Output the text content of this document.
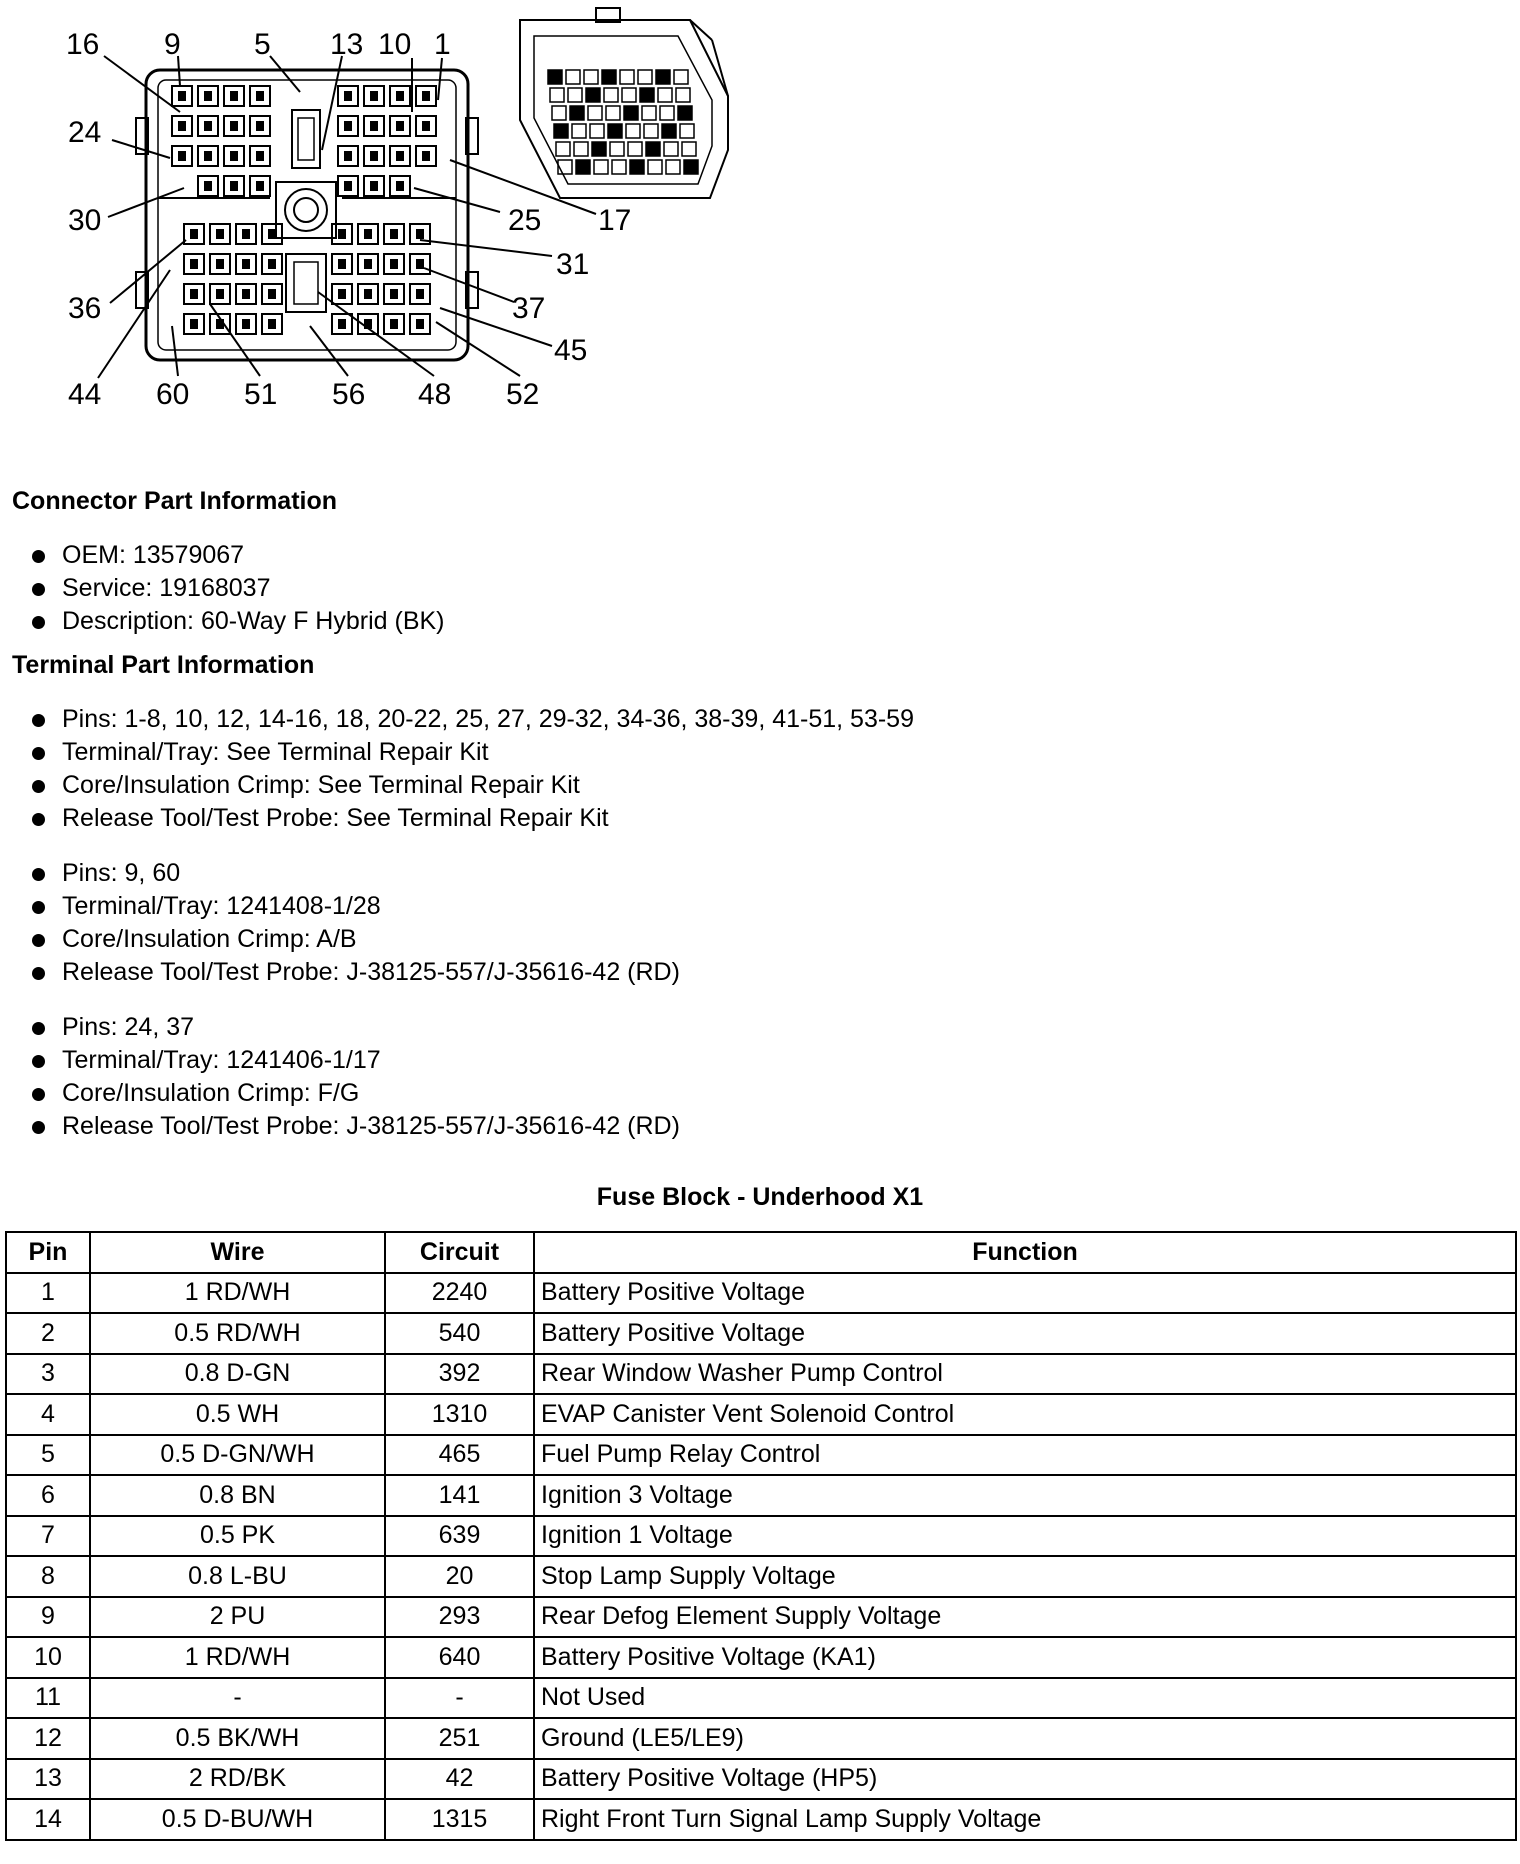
16 9 5 13 10 1
24
30	25 17
31
36	37
45
44 60 51 56 48 52
Connector Part Information
OEM: 13579067
Service: 19168037
Description: 60-Way F Hybrid (BK)
Terminal Part Information
Pins: 1-8, 10, 12, 14-16, 18, 20-22, 25, 27, 29-32, 34-36, 38-39, 41-51, 53-59
Terminal/Tray: See Terminal Repair Kit
Core/Insulation Crimp: See Terminal Repair Kit
Release Tool/Test Probe: See Terminal Repair Kit
Pins: 9, 60
Terminal/Tray: 1241408-1/28
Core/Insulation Crimp: A/B
Release Tool/Test Probe: J-38125-557/J-35616-42 (RD)
Pins: 24, 37
Terminal/Tray: 1241406-1/17
Core/Insulation Crimp: F/G
Release Tool/Test Probe: J-38125-557/J-35616-42 (RD)
Fuse Block - Underhood X1
Pin	Wire	Circuit	Function
1	1 RD/WH	2240	Battery Positive Voltage
2	0.5 RD/WH	540	Battery Positive Voltage
3	0.8 D-GN	392	Rear Window Washer Pump Control
4	0.5 WH	1310	EVAP Canister Vent Solenoid Control
5	0.5 D-GN/WH	465	Fuel Pump Relay Control
6	0.8 BN	141	Ignition 3 Voltage
7	0.5 PK	639	Ignition 1 Voltage
8	0.8 L-BU	20	Stop Lamp Supply Voltage
9	2 PU	293	Rear Defog Element Supply Voltage
10	1 RD/WH	640	Battery Positive Voltage (KA1)
11	-	-	Not Used
12	0.5 BK/WH	251	Ground (LE5/LE9)
13	2 RD/BK	42	Battery Positive Voltage (HP5)
14	0.5 D-BU/WH	1315	Right Front Turn Signal Lamp Supply Voltage
